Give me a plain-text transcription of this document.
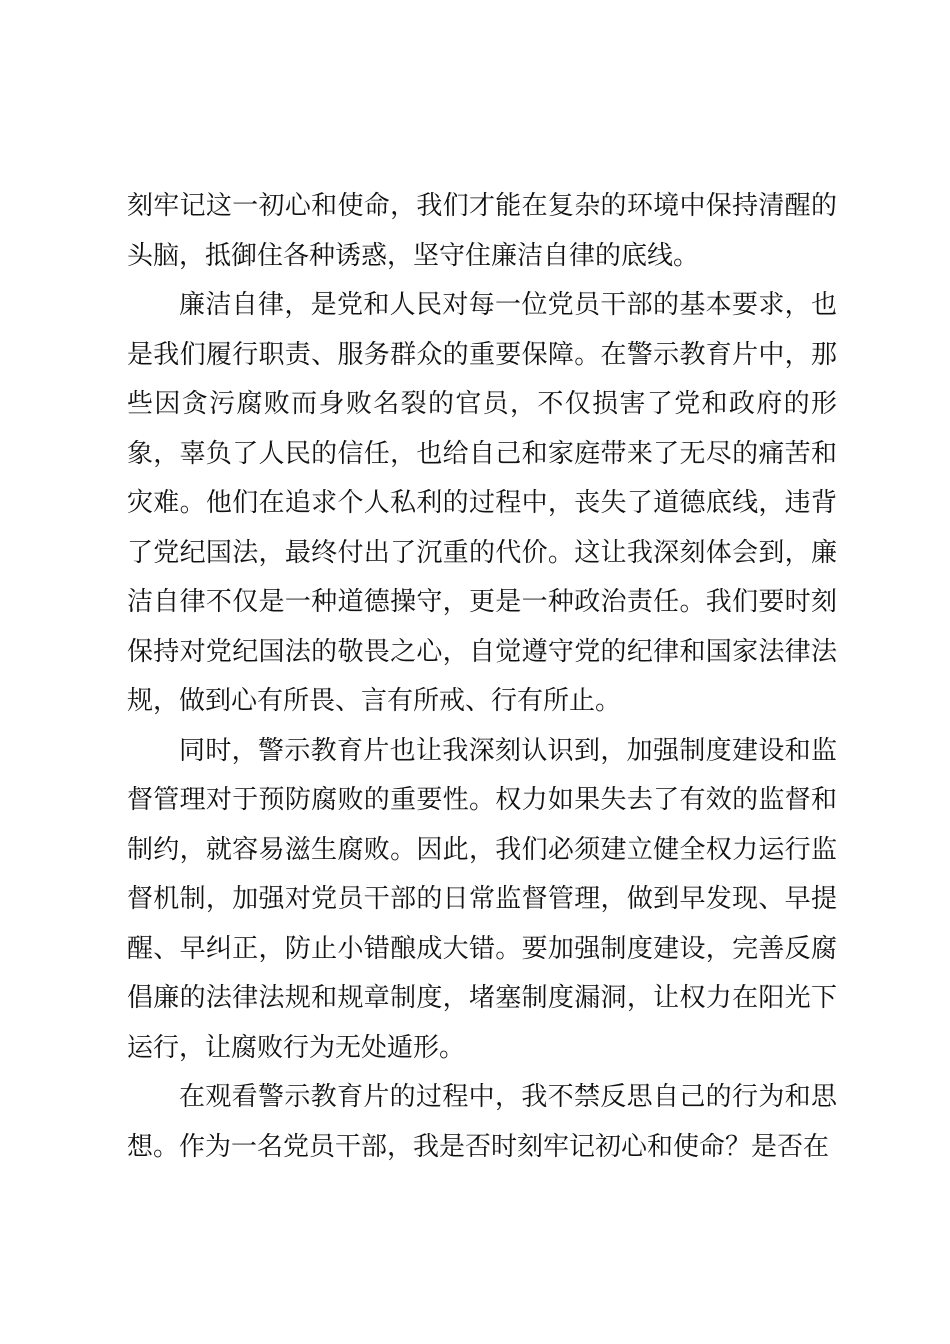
刻牢记这一初心和使命，我们才能在复杂的环境中保持清醒的头脑，抵御住各种诱惑，坚守住廉洁自律的底线。

廉洁自律，是党和人民对每一位党员干部的基本要求，也是我们履行职责、服务群众的重要保障。在警示教育片中，那些因贪污腐败而身败名裂的官员，不仅损害了党和政府的形象，辜负了人民的信任，也给自己和家庭带来了无尽的痛苦和灾难。他们在追求个人私利的过程中，丧失了道德底线，违背了党纪国法，最终付出了沉重的代价。这让我深刻体会到，廉洁自律不仅是一种道德操守，更是一种政治责任。我们要时刻保持对党纪国法的敬畏之心，自觉遵守党的纪律和国家法律法规，做到心有所畏、言有所戒、行有所止。

同时，警示教育片也让我深刻认识到，加强制度建设和监督管理对于预防腐败的重要性。权力如果失去了有效的监督和制约，就容易滋生腐败。因此，我们必须建立健全权力运行监督机制，加强对党员干部的日常监督管理，做到早发现、早提醒、早纠正，防止小错酿成大错。要加强制度建设，完善反腐倡廉的法律法规和规章制度，堵塞制度漏洞，让权力在阳光下运行，让腐败行为无处遁形。

在观看警示教育片的过程中，我不禁反思自己的行为和思想。作为一名党员干部，我是否时刻牢记初心和使命？是否在
